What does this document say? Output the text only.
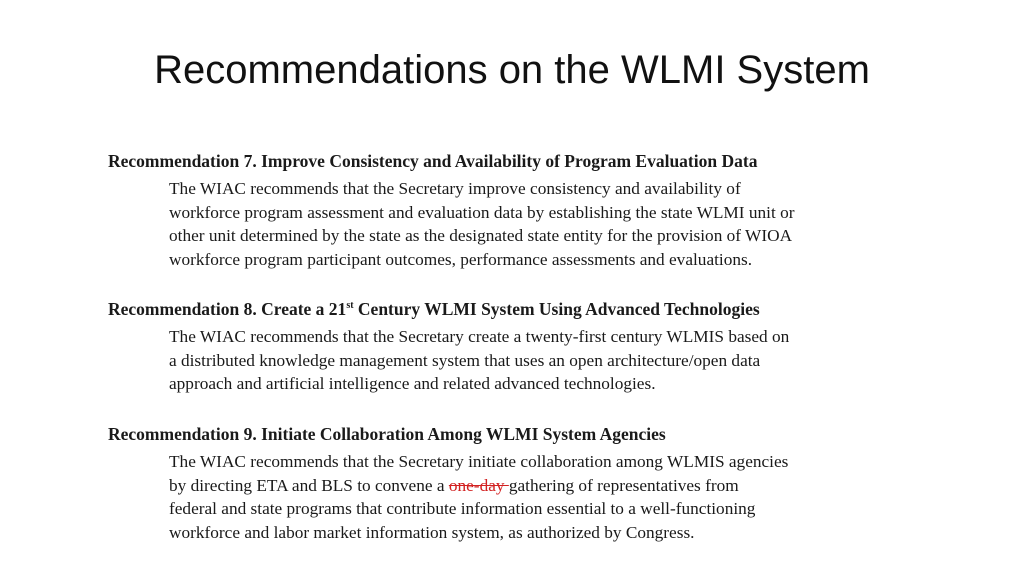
Recommendations on the WLMI System
Recommendation 7. Improve Consistency and Availability of Program Evaluation Data
The WIAC recommends that the Secretary improve consistency and availability of
workforce program assessment and evaluation data by establishing the state WLMI unit or
other unit determined by the state as the designated state entity for the provision of WIOA
workforce program participant outcomes, performance assessments and evaluations.
Recommendation 8. Create a 21st Century WLMI System Using Advanced Technologies
The WIAC recommends that the Secretary create a twenty-first century WLMIS based on
a distributed knowledge management system that uses an open architecture/open data
approach and artificial intelligence and related advanced technologies.
Recommendation 9. Initiate Collaboration Among WLMI System Agencies
The WIAC recommends that the Secretary initiate collaboration among WLMIS agencies
by directing ETA and BLS to convene a one-day gathering of representatives from
federal and state programs that contribute information essential to a well-functioning
workforce and labor market information system, as authorized by Congress.
